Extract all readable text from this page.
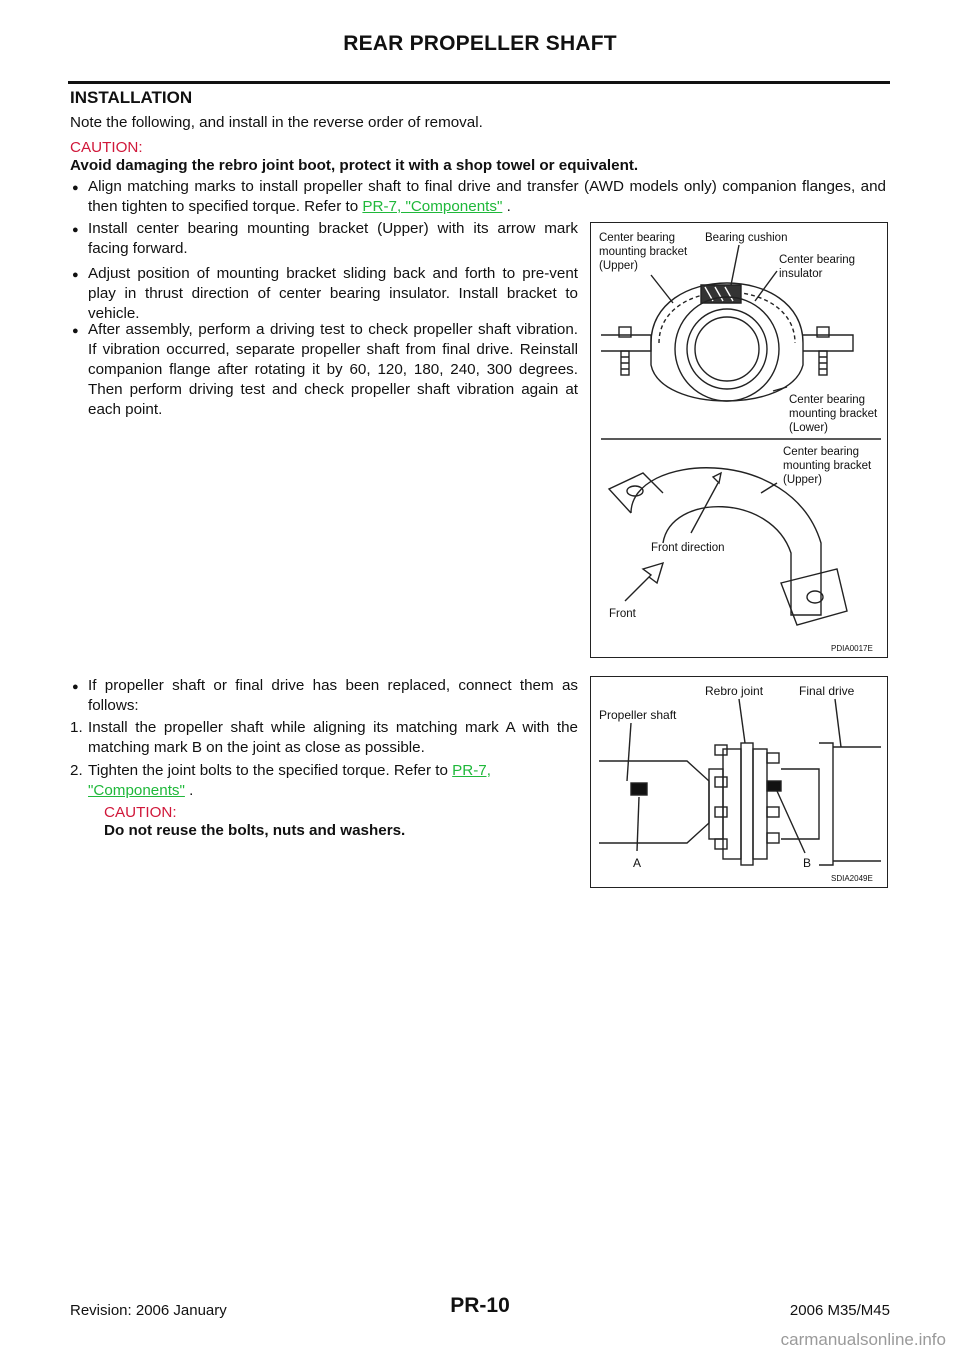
REAR PROPELLER SHAFT
INSTALLATION
Note the following, and install in the reverse order of removal.
CAUTION:
Avoid damaging the rebro joint boot, protect it with a shop towel or equivalent.
● Align matching marks to install propeller shaft to final drive and transfer (AWD models only) companion flanges, and then tighten to specified torque. Refer to PR-7, "Components" .
● Install center bearing mounting bracket (Upper) with its arrow mark facing forward.
● Adjust position of mounting bracket sliding back and forth to pre-vent play in thrust direction of center bearing insulator. Install bracket to vehicle.
● After assembly, perform a driving test to check propeller shaft vibration. If vibration occurred, separate propeller shaft from final drive. Reinstall companion flange after rotating it by 60, 120, 180, 240, 300 degrees. Then perform driving test and check propeller shaft vibration again at each point.
Center bearing
mounting bracket
(Upper)
Bearing cushion
Center bearing
insulator
Center bearing
mounting bracket
(Lower)
Center bearing
mounting bracket
(Upper)
Front direction
Front
PDIA0017E
● If propeller shaft or final drive has been replaced, connect them as follows:
1. Install the propeller shaft while aligning its matching mark A with the matching mark B on the joint as close as possible.
2. Tighten the joint bolts to the specified torque. Refer to PR-7,
"Components" .
CAUTION:
Do not reuse the bolts, nuts and washers.
Propeller shaft
Rebro joint	Final drive
A	B
SDIA2049E
Revision: 2006 January	PR-10	2006 M35/M45
carmanualsonline.info
